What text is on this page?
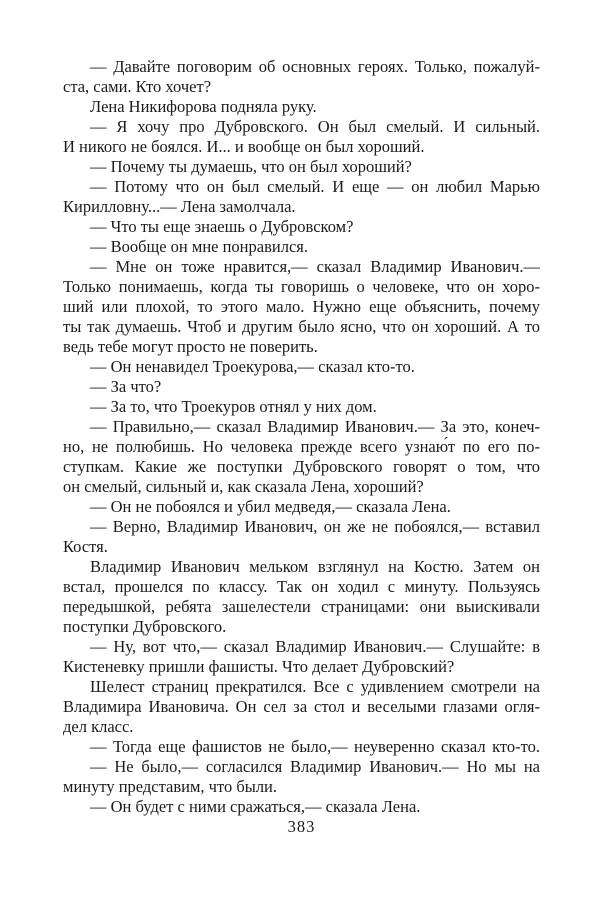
— Давайте поговорим об основных героях. Только, пожалуй-
ста, сами. Кто хочет?
Лена Никифорова подняла руку.
— Я хочу про Дубровского. Он был смелый. И сильный.
И никого не боялся. И... и вообще он был хороший.
— Почему ты думаешь, что он был хороший?
— Потому что он был смелый. И еще — он любил Марью
Кирилловну...— Лена замолчала.
— Что ты еще знаешь о Дубровском?
— Вообще он мне понравился.
— Мне он тоже нравится,— сказал Владимир Иванович.—
Только понимаешь, когда ты говоришь о человеке, что он хоро-
ший или плохой, то этого мало. Нужно еще объяснить, почему
ты так думаешь. Чтоб и другим было ясно, что он хороший. А то
ведь тебе могут просто не поверить.
— Он ненавидел Троекурова,— сказал кто-то.
— За что?
— За то, что Троекуров отнял у них дом.
— Правильно,— сказал Владимир Иванович.— За это, конеч-
но, не полюбишь. Но человека прежде всего узнаю́т по его по-
ступкам. Какие же поступки Дубровского говорят о том, что
он смелый, сильный и, как сказала Лена, хороший?
— Он не побоялся и убил медведя,— сказала Лена.
— Верно, Владимир Иванович, он же не побоялся,— вставил
Костя.
Владимир Иванович мельком взглянул на Костю. Затем он
встал, прошелся по классу. Так он ходил с минуту. Пользуясь
передышкой, ребята зашелестели страницами: они выискивали
поступки Дубровского.
— Ну, вот что,— сказал Владимир Иванович.— Слушайте: в
Кистеневку пришли фашисты. Что делает Дубровский?
Шелест страниц прекратился. Все с удивлением смотрели на
Владимира Ивановича. Он сел за стол и веселыми глазами огля-
дел класс.
— Тогда еще фашистов не было,— неуверенно сказал кто-то.
— Не было,— согласился Владимир Иванович.— Но мы на
минуту представим, что были.
— Он будет с ними сражаться,— сказала Лена.
383
